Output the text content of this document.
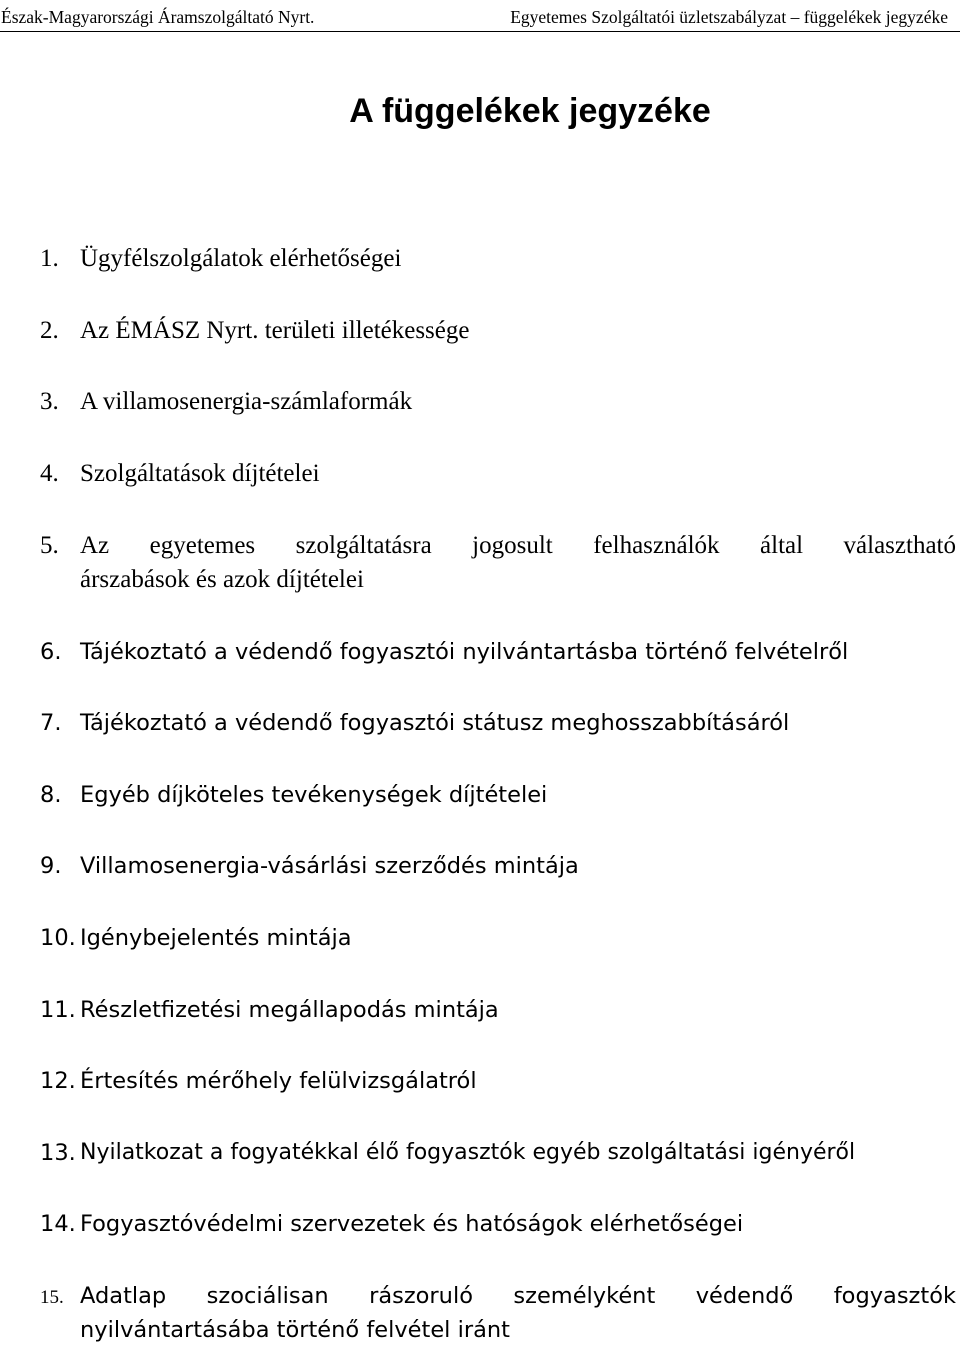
Észak-Magyarországi Áramszolgáltató Nyrt.	Egyetemes Szolgáltatói üzletszabályzat – függelékek jegyzéke
A függelékek jegyzéke
1. Ügyfélszolgálatok elérhetőségei
2. Az ÉMÁSZ Nyrt. területi illetékessége
3. A villamosenergia-számlaformák
4. Szolgáltatások díjtételei
5. Az egyetemes szolgáltatásra jogosult felhasználók által választható
árszabások és azok díjtételei
6. Tájékoztató a védendő fogyasztói nyilvántartásba történő felvételről
7. Tájékoztató a védendő fogyasztói státusz meghosszabbításáról
8. Egyéb díjköteles tevékenységek díjtételei
9. Villamosenergia-vásárlási szerződés mintája
10. Igénybejelentés mintája
11. Részletfizetési megállapodás mintája
12. Értesítés mérőhely felülvizsgálatról
13. Nyilatkozat a fogyatékkal élő fogyasztók egyéb szolgáltatási igényéről
14. Fogyasztóvédelmi szervezetek és hatóságok elérhetőségei
15. Adatlap szociálisan rászoruló személyként védendő fogyasztók
nyilvántartásába történő felvétel iránt
